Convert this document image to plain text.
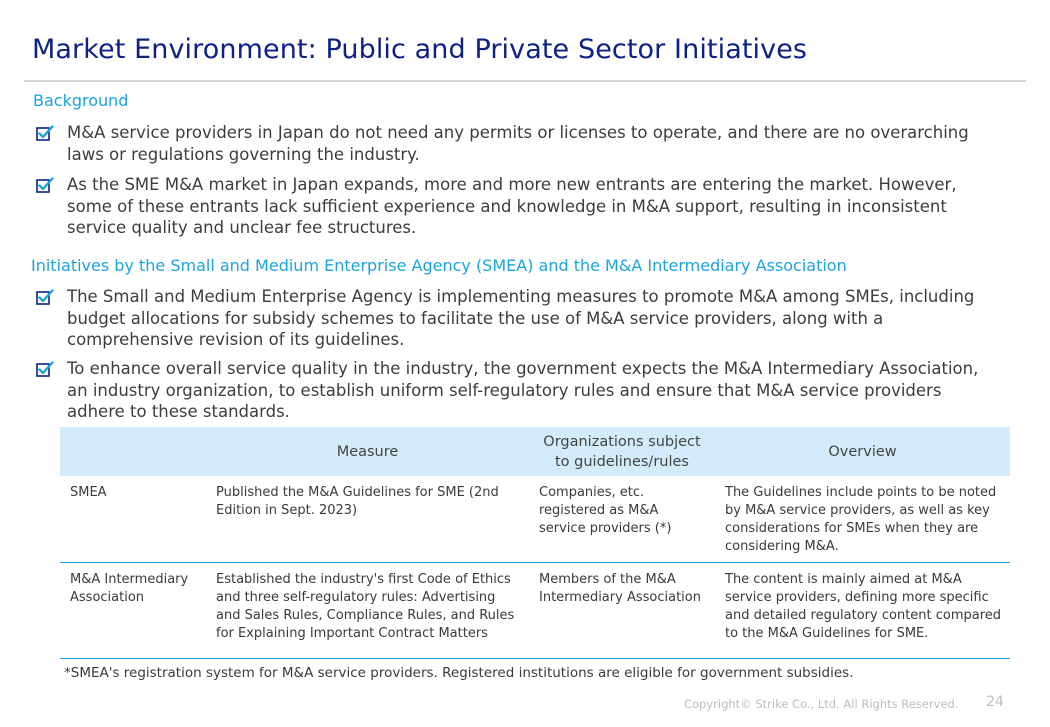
Market Environment: Public and Private Sector Initiatives
Background
M&A service providers in Japan do not need any permits or licenses to operate, and there are no overarching laws or regulations governing the industry.
As the SME M&A market in Japan expands, more and more new entrants are entering the market. However, some of these entrants lack sufficient experience and knowledge in M&A support, resulting in inconsistent service quality and unclear fee structures.
Initiatives by the Small and Medium Enterprise Agency (SMEA) and the M&A Intermediary Association
The Small and Medium Enterprise Agency is implementing measures to promote M&A among SMEs, including budget allocations for subsidy schemes to facilitate the use of M&A service providers, along with a comprehensive revision of its guidelines.
To enhance overall service quality in the industry, the government expects the M&A Intermediary Association, an industry organization, to establish uniform self-regulatory rules and ensure that M&A service providers adhere to these standards.
	Measure	Organizations subject to guidelines/rules	Overview
SMEA	Published the M&A Guidelines for SME (2nd Edition in Sept. 2023)	Companies, etc. registered as M&A service providers (*)	The Guidelines include points to be noted by M&A service providers, as well as key considerations for SMEs when they are considering M&A.
M&A Intermediary Association	Established the industry's first Code of Ethics and three self-regulatory rules: Advertising and Sales Rules, Compliance Rules, and Rules for Explaining Important Contract Matters	Members of the M&A Intermediary Association	The content is mainly aimed at M&A service providers, defining more specific and detailed regulatory content compared to the M&A Guidelines for SME.
*SMEA's registration system for M&A service providers. Registered institutions are eligible for government subsidies.
Copyright© Strike Co., Ltd. All Rights Reserved. 24
